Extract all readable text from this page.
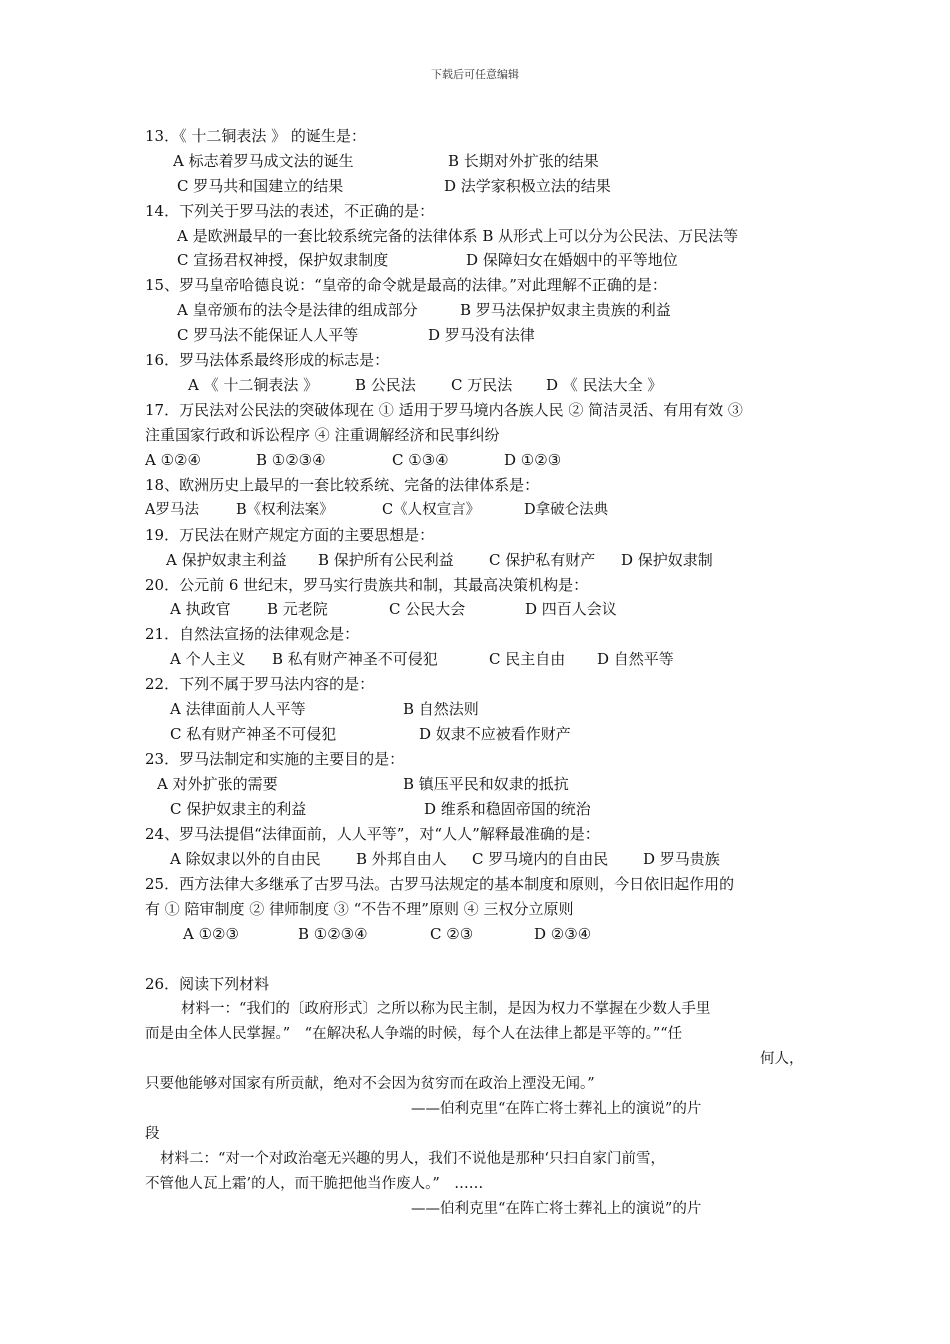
下载后可任意编辑
13．《 十二铜表法 》 的诞生是：
A 标志着罗马成文法的诞生	B 长期对外扩张的结果
C 罗马共和国建立的结果	D 法学家积极立法的结果
14．下列关于罗马法的表述，不正确的是：
A 是欧洲最早的一套比较系统完备的法律体系 B 从形式上可以分为公民法、万民法等
C 宣扬君权神授，保护奴隶制度	D 保障妇女在婚姻中的平等地位
15、罗马皇帝哈德良说：“皇帝的命令就是最高的法律。”对此理解不正确的是：
A 皇帝颁布的法令是法律的组成部分	B 罗马法保护奴隶主贵族的利益
C 罗马法不能保证人人平等	D 罗马没有法律
16．罗马法体系最终形成的标志是：
A 《 十二铜表法 》 B 公民法 C 万民法 D 《 民法大全 》
17．万民法对公民法的突破体现在 ① 适用于罗马境内各族人民 ② 简洁灵活、有用有效 ③
注重国家行政和诉讼程序 ④ 注重调解经济和民事纠纷
A ①②④	B ①②③④	C ①③④	D ①②③
18、欧洲历史上最早的一套比较系统、完备的法律体系是：
A罗马法	B《权利法案》	C《人权宣言》	D拿破仑法典
19．万民法在财产规定方面的主要思想是：
A 保护奴隶主利益 B 保护所有公民利益 C 保护私有财产 D 保护奴隶制
20．公元前 6 世纪末，罗马实行贵族共和制，其最高决策机构是：
A 执政官 B 元老院	C 公民大会	D 四百人会议
21．自然法宣扬的法律观念是：
A 个人主义 B 私有财产神圣不可侵犯	C 民主自由 D 自然平等
22．下列不属于罗马法内容的是：
A 法律面前人人平等	B 自然法则
C 私有财产神圣不可侵犯	D 奴隶不应被看作财产
23．罗马法制定和实施的主要目的是：
A 对外扩张的需要	B 镇压平民和奴隶的抵抗
C 保护奴隶主的利益	D 维系和稳固帝国的统治
24、罗马法提倡“法律面前，人人平等”，对“人人”解释最准确的是：
A 除奴隶以外的自由民 B 外邦自由人 C 罗马境内的自由民 D 罗马贵族
25．西方法律大多继承了古罗马法。古罗马法规定的基本制度和原则，今日依旧起作用的
有 ① 陪审制度 ② 律师制度 ③ “不告不理”原则 ④ 三权分立原则
A ①②③	B ①②③④	C ②③	D ②③④
26．阅读下列材料
材料一：“我们的〔政府形式〕之所以称为民主制，是因为权力不掌握在少数人手里
而是由全体人民掌握。”　“在解决私人争端的时候，每个人在法律上都是平等的。”“任
何人，
只要他能够对国家有所贡献，绝对不会因为贫穷而在政治上湮没无闻。”
——伯利克里“在阵亡将士葬礼上的演说”的片
段
材料二：“对一个对政治毫无兴趣的男人，我们不说他是那种‘只扫自家门前雪，
不管他人瓦上霜’的人，而干脆把他当作废人。”　……
——伯利克里“在阵亡将士葬礼上的演说”的片
